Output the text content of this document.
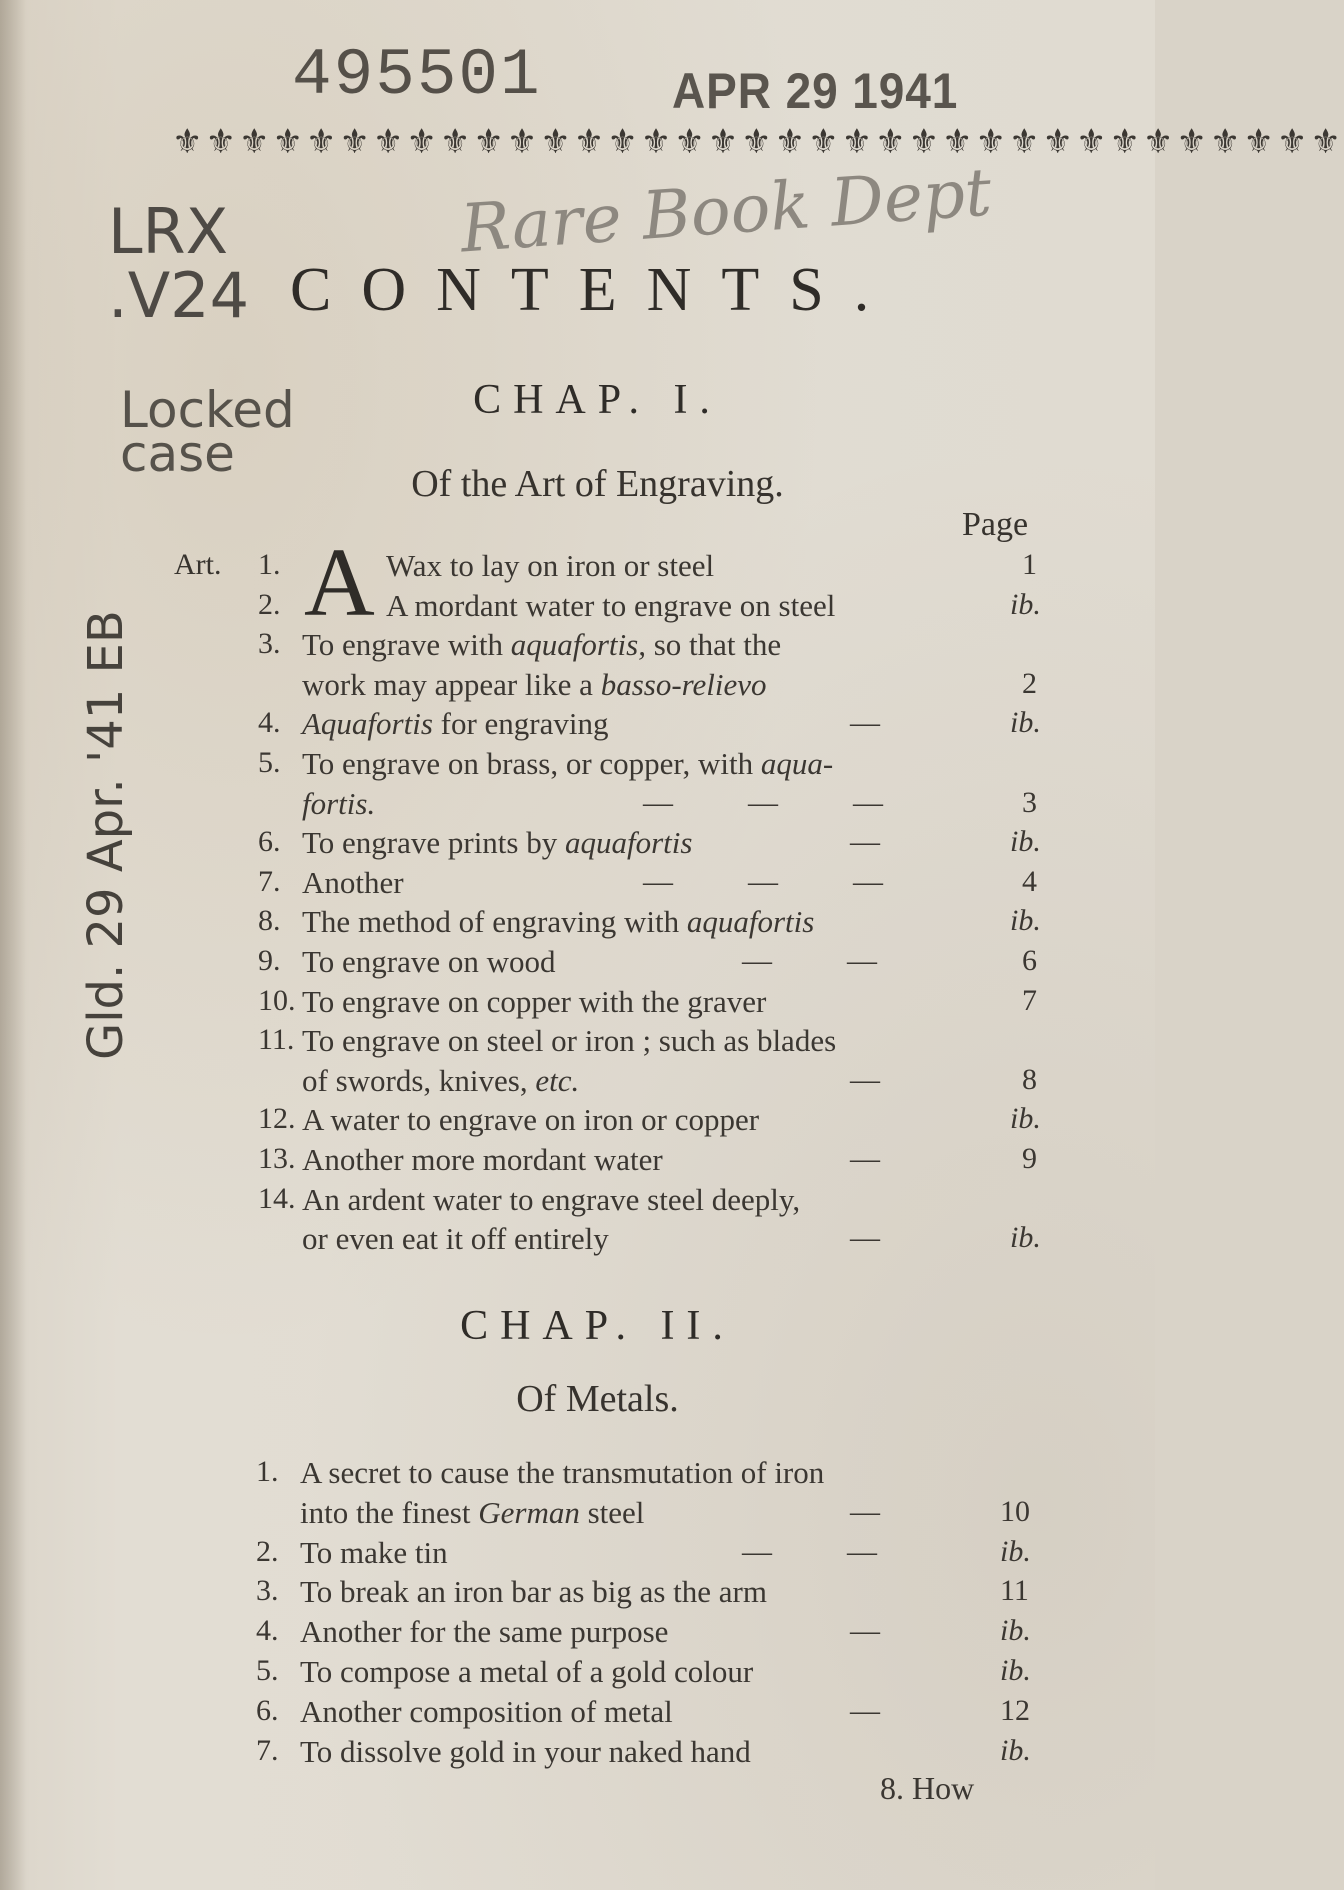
495501	APR 29 1941
⚜⚜⚜⚜⚜⚜⚜⚜⚜⚜⚜⚜⚜⚜⚜⚜⚜⚜⚜⚜⚜⚜⚜⚜⚜⚜⚜⚜⚜⚜⚜⚜⚜⚜⚜
Rare Book Dept
LRX
.V24
Locked
case
Gld. 29 Apr. '41 EB
CONTENTS.
CHAP. I.
Of the Art of Engraving.
Page
Art. A
1.	Wax to lay on iron or steel	1
2.	A mordant water to engrave on steel	ib.
3. To engrave with aquafortis, so that the
work may appear like a basso-relievo	2
4. Aquafortis for engraving	—	ib.
5. To engrave on brass, or copper, with aqua-
fortis.	—          —          —	3
6. To engrave prints by aquafortis	—	ib.
7. Another	—          —          —	4
8. The method of engraving with aquafortis	ib.
9. To engrave on wood	—          —	6
10. To engrave on copper with the graver	7
11. To engrave on steel or iron ; such as blades
of swords, knives, etc.	—	8
12. A water to engrave on iron or copper	ib.
13. Another more mordant water	—	9
14. An ardent water to engrave steel deeply,
or even eat it off entirely	—	ib.
CHAP. II.
Of Metals.
1. A secret to cause the transmutation of iron
into the finest German steel	—	10
2. To make tin	—          —	ib.
3. To break an iron bar as big as the arm	11
4. Another for the same purpose	—	ib.
5. To compose a metal of a gold colour	ib.
6. Another composition of metal	—	12
7. To dissolve gold in your naked hand	ib.
8. How
